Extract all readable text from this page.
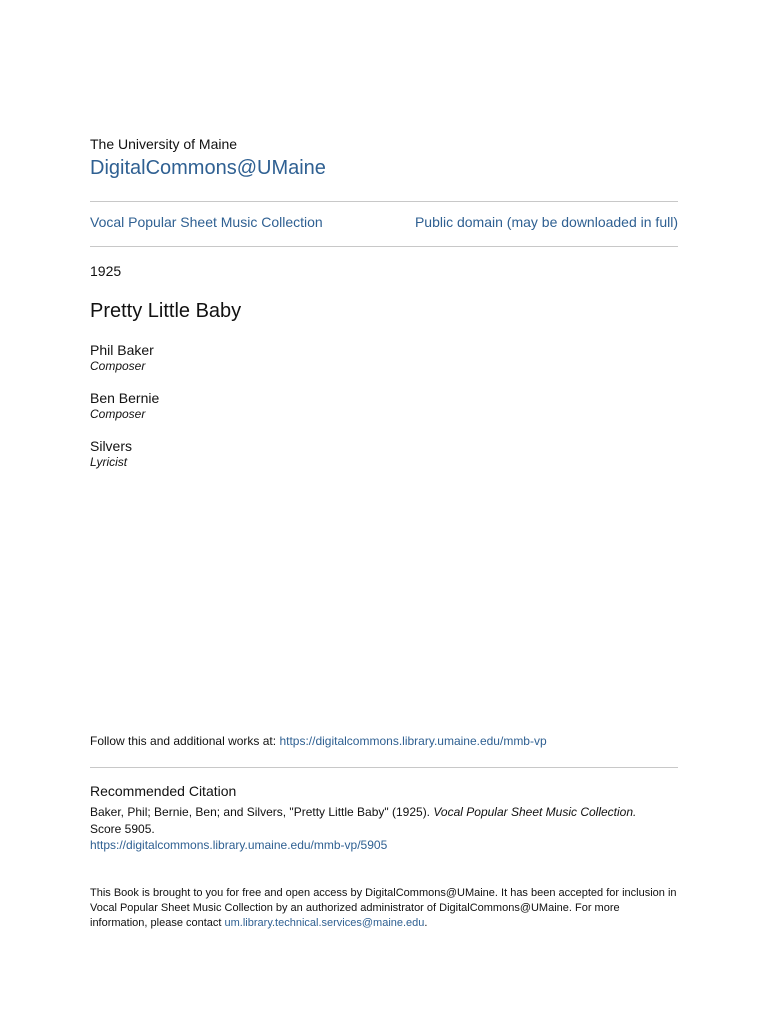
The University of Maine
DigitalCommons@UMaine
Vocal Popular Sheet Music Collection	Public domain (may be downloaded in full)
1925
Pretty Little Baby
Phil Baker
Composer
Ben Bernie
Composer
Silvers
Lyricist
Follow this and additional works at: https://digitalcommons.library.umaine.edu/mmb-vp
Recommended Citation
Baker, Phil; Bernie, Ben; and Silvers, "Pretty Little Baby" (1925). Vocal Popular Sheet Music Collection.
Score 5905.
https://digitalcommons.library.umaine.edu/mmb-vp/5905
This Book is brought to you for free and open access by DigitalCommons@UMaine. It has been accepted for inclusion in Vocal Popular Sheet Music Collection by an authorized administrator of DigitalCommons@UMaine. For more information, please contact um.library.technical.services@maine.edu.
